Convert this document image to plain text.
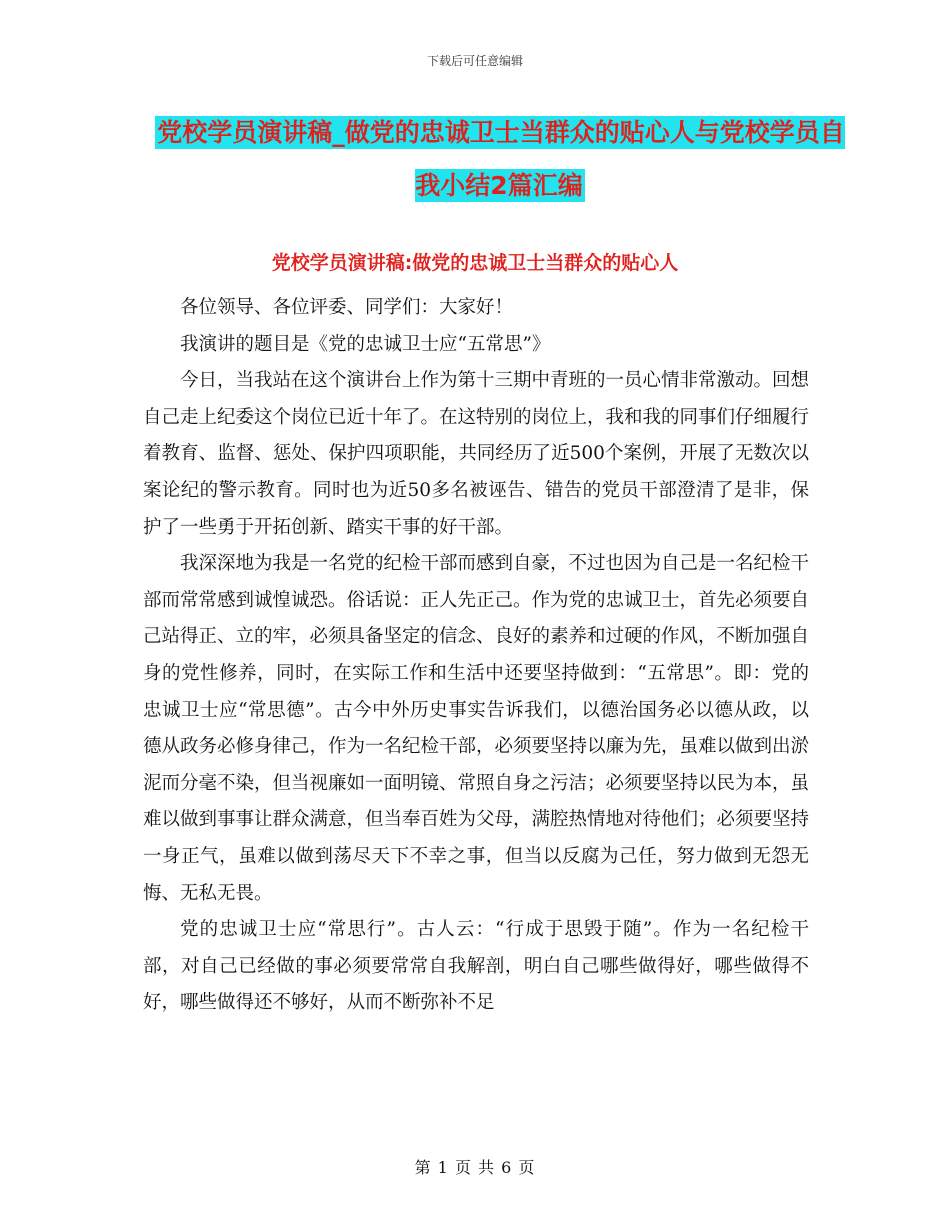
下载后可任意编辑
党校学员演讲稿_做党的忠诚卫士当群众的贴心人与党校学员自我小结2篇汇编
党校学员演讲稿:做党的忠诚卫士当群众的贴心人

各位领导、各位评委、同学们：大家好！

我演讲的题目是《党的忠诚卫士应“五常思”》

今日，当我站在这个演讲台上作为第十三期中青班的一员心情非常激动。回想自己走上纪委这个岗位已近十年了。在这特别的岗位上，我和我的同事们仔细履行着教育、监督、惩处、保护四项职能，共同经历了近500个案例，开展了无数次以案论纪的警示教育。同时也为近50多名被诬告、错告的党员干部澄清了是非，保护了一些勇于开拓创新、踏实干事的好干部。

我深深地为我是一名党的纪检干部而感到自豪，不过也因为自己是一名纪检干部而常常感到诚惶诚恐。俗话说：正人先正己。作为党的忠诚卫士，首先必须要自己站得正、立的牢，必须具备坚定的信念、良好的素养和过硬的作风，不断加强自身的党性修养，同时，在实际工作和生活中还要坚持做到：“五常思”。即：党的忠诚卫士应“常思德”。古今中外历史事实告诉我们，以德治国务必以德从政，以德从政务必修身律己，作为一名纪检干部，必须要坚持以廉为先，虽难以做到出淤泥而分毫不染，但当视廉如一面明镜、常照自身之污洁；必须要坚持以民为本，虽难以做到事事让群众满意，但当奉百姓为父母，满腔热情地对待他们；必须要坚持一身正气，虽难以做到荡尽天下不幸之事，但当以反腐为己任，努力做到无怨无悔、无私无畏。

党的忠诚卫士应“常思行”。古人云：“行成于思毁于随”。作为一名纪检干部，对自己已经做的事必须要常常自我解剖，明白自己哪些做得好，哪些做得不好，哪些做得还不够好，从而不断弥补不足

第 1 页 共 6 页
